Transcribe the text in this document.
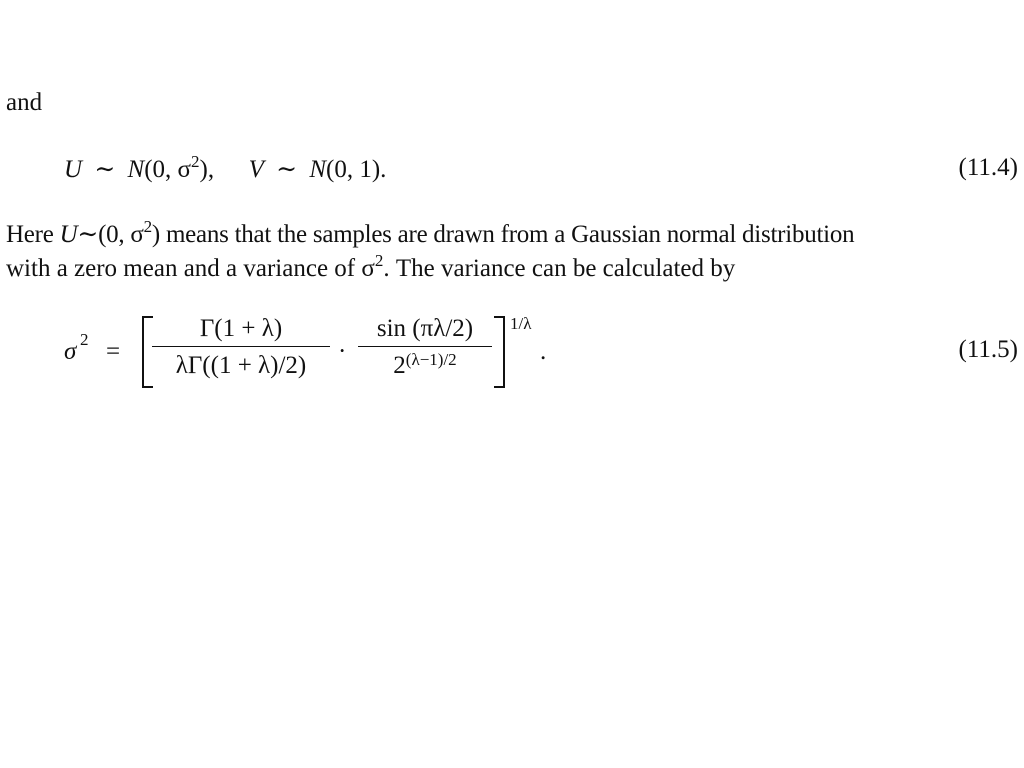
and
U ∼ N(0, $\sigma^2$), V ∼ N(0, 1).	(11.4)
Here U∼(0, $\sigma^2$) means that the samples are drawn from a Gaussian normal distribution
with a zero mean and a variance of $\sigma^2$. The variance can be calculated by
σ 2 =
Γ(1 + λ)
λΓ((1 + λ)/2)
·
sin (πλ/2)
$2^{(\lambda-1)/2}$
1/λ
.	(11.5)
